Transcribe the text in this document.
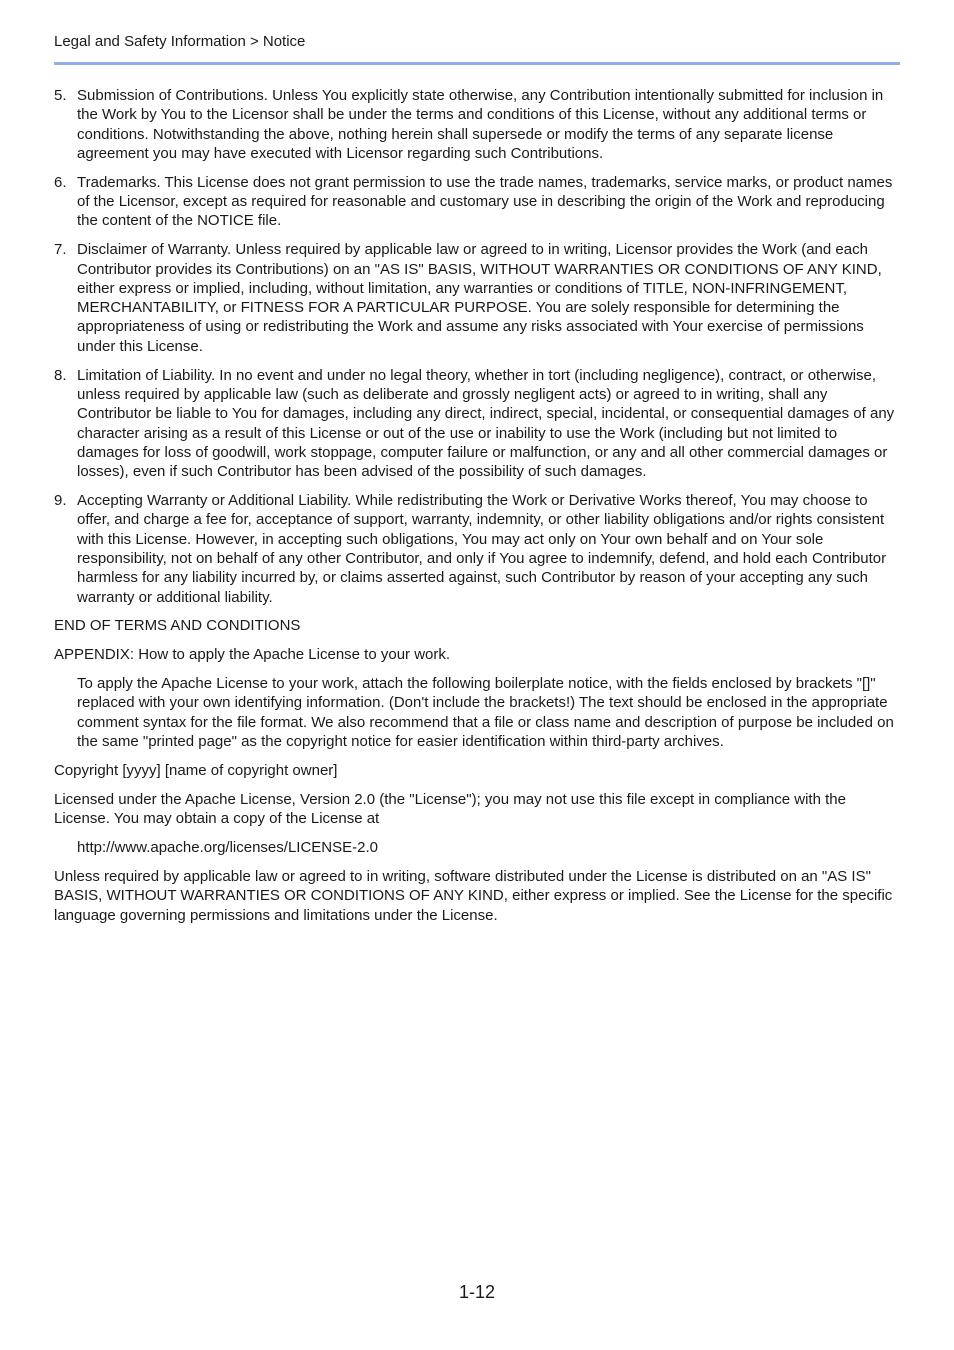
Legal and Safety Information > Notice
5. Submission of Contributions. Unless You explicitly state otherwise, any Contribution intentionally submitted for inclusion in the Work by You to the Licensor shall be under the terms and conditions of this License, without any additional terms or conditions. Notwithstanding the above, nothing herein shall supersede or modify the terms of any separate license agreement you may have executed with Licensor regarding such Contributions.
6. Trademarks. This License does not grant permission to use the trade names, trademarks, service marks, or product names of the Licensor, except as required for reasonable and customary use in describing the origin of the Work and reproducing the content of the NOTICE file.
7. Disclaimer of Warranty. Unless required by applicable law or agreed to in writing, Licensor provides the Work (and each Contributor provides its Contributions) on an "AS IS" BASIS, WITHOUT WARRANTIES OR CONDITIONS OF ANY KIND, either express or implied, including, without limitation, any warranties or conditions of TITLE, NON-INFRINGEMENT, MERCHANTABILITY, or FITNESS FOR A PARTICULAR PURPOSE. You are solely responsible for determining the appropriateness of using or redistributing the Work and assume any risks associated with Your exercise of permissions under this License.
8. Limitation of Liability. In no event and under no legal theory, whether in tort (including negligence), contract, or otherwise, unless required by applicable law (such as deliberate and grossly negligent acts) or agreed to in writing, shall any Contributor be liable to You for damages, including any direct, indirect, special, incidental, or consequential damages of any character arising as a result of this License or out of the use or inability to use the Work (including but not limited to damages for loss of goodwill, work stoppage, computer failure or malfunction, or any and all other commercial damages or losses), even if such Contributor has been advised of the possibility of such damages.
9. Accepting Warranty or Additional Liability. While redistributing the Work or Derivative Works thereof, You may choose to offer, and charge a fee for, acceptance of support, warranty, indemnity, or other liability obligations and/or rights consistent with this License. However, in accepting such obligations, You may act only on Your own behalf and on Your sole responsibility, not on behalf of any other Contributor, and only if You agree to indemnify, defend, and hold each Contributor harmless for any liability incurred by, or claims asserted against, such Contributor by reason of your accepting any such warranty or additional liability.
END OF TERMS AND CONDITIONS
APPENDIX: How to apply the Apache License to your work.
To apply the Apache License to your work, attach the following boilerplate notice, with the fields enclosed by brackets "[]" replaced with your own identifying information. (Don't include the brackets!) The text should be enclosed in the appropriate comment syntax for the file format. We also recommend that a file or class name and description of purpose be included on the same "printed page" as the copyright notice for easier identification within third-party archives.
Copyright [yyyy] [name of copyright owner]
Licensed under the Apache License, Version 2.0 (the "License"); you may not use this file except in compliance with the License. You may obtain a copy of the License at
http://www.apache.org/licenses/LICENSE-2.0
Unless required by applicable law or agreed to in writing, software distributed under the License is distributed on an "AS IS" BASIS, WITHOUT WARRANTIES OR CONDITIONS OF ANY KIND, either express or implied. See the License for the specific language governing permissions and limitations under the License.
1-12
